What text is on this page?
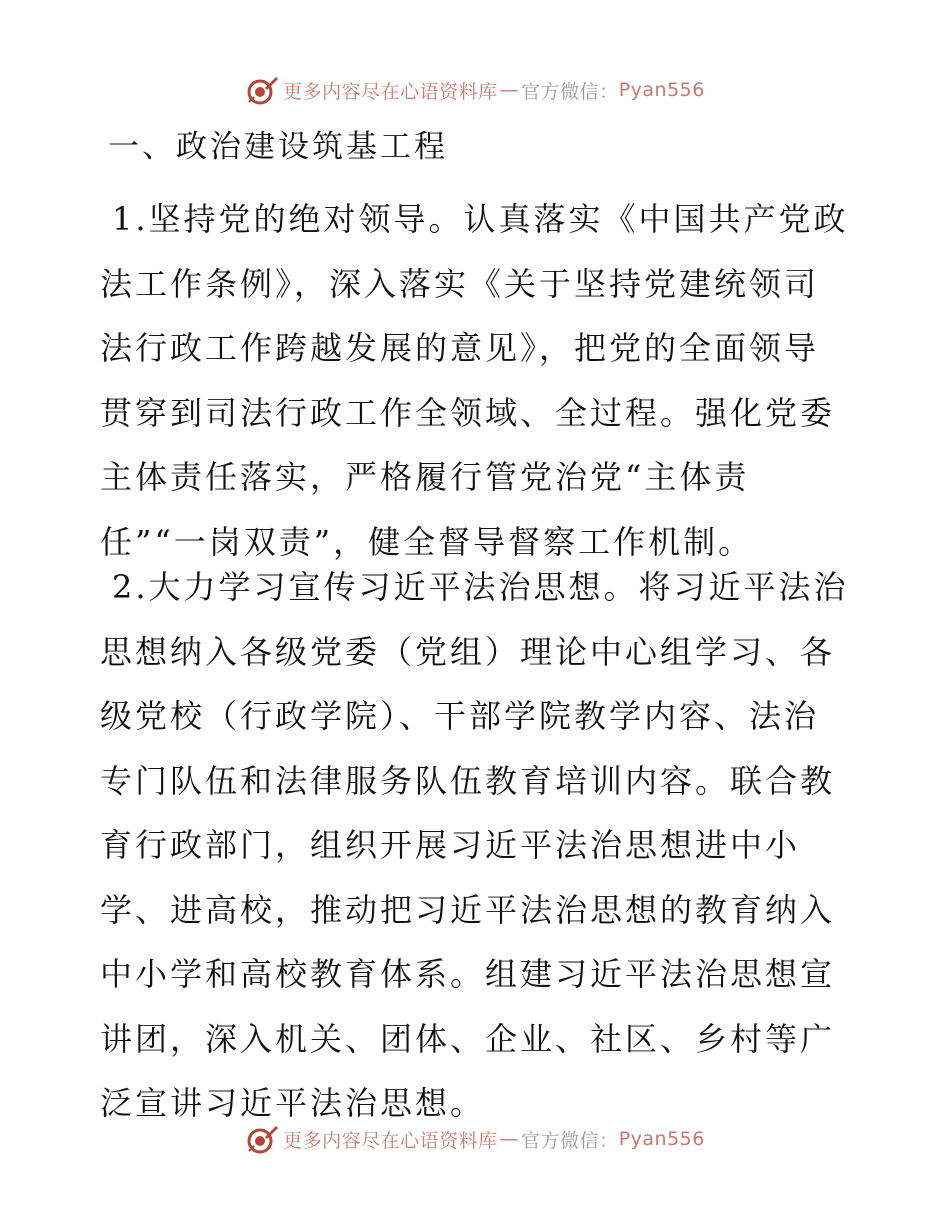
更多内容尽在心语资料库 — 官方微信： Pyan556
一、政治建设筑基工程

1.坚持党的绝对领导。认真落实《中国共产党政法工作条例》，深入落实《关于坚持党建统领司法行政工作跨越发展的意见》，把党的全面领导贯穿到司法行政工作全领域、全过程。强化党委主体责任落实，严格履行管党治党“主体责任”“一岗双责”，健全督导督察工作机制。

2.大力学习宣传习近平法治思想。将习近平法治思想纳入各级党委（党组）理论中心组学习、各级党校（行政学院）、干部学院教学内容、法治专门队伍和法律服务队伍教育培训内容。联合教育行政部门，组织开展习近平法治思想进中小学、进高校，推动把习近平法治思想的教育纳入中小学和高校教育体系。组建习近平法治思想宣讲团，深入机关、团体、企业、社区、乡村等广泛宣讲习近平法治思想。

更多内容尽在心语资料库 — 官方微信： Pyan556
